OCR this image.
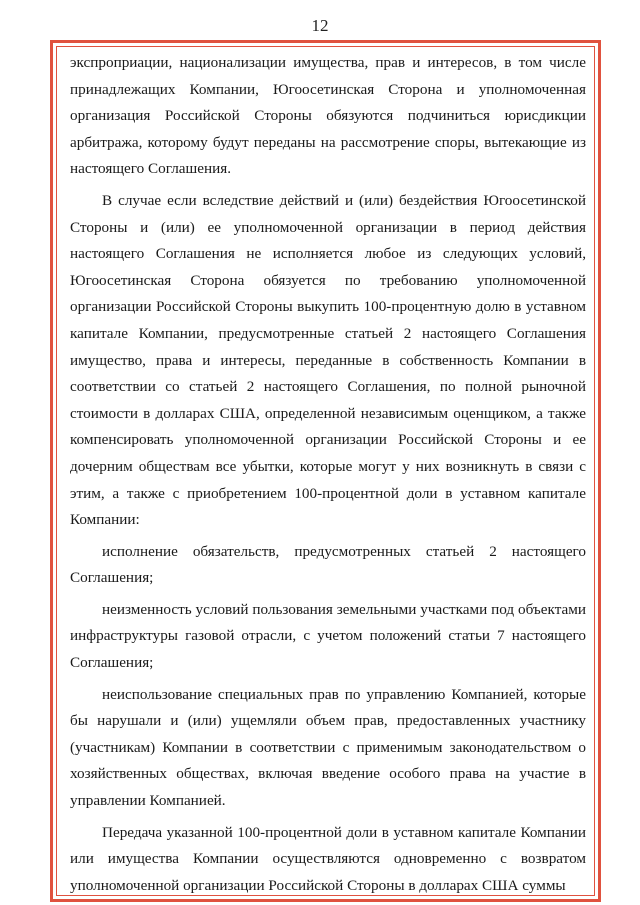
12

экспроприации, национализации имущества, прав и интересов, в том числе принадлежащих Компании, Югоосетинская Сторона и уполномоченная организация Российской Стороны обязуются подчиниться юрисдикции арбитража, которому будут переданы на рассмотрение споры, вытекающие из настоящего Соглашения.

В случае если вследствие действий и (или) бездействия Югоосетинской Стороны и (или) ее уполномоченной организации в период действия настоящего Соглашения не исполняется любое из следующих условий, Югоосетинская Сторона обязуется по требованию уполномоченной организации Российской Стороны выкупить 100-процентную долю в уставном капитале Компании, предусмотренные статьей 2 настоящего Соглашения имущество, права и интересы, переданные в собственность Компании в соответствии со статьей 2 настоящего Соглашения, по полной рыночной стоимости в долларах США, определенной независимым оценщиком, а также компенсировать уполномоченной организации Российской Стороны и ее дочерним обществам все убытки, которые могут у них возникнуть в связи с этим, а также с приобретением 100-процентной доли в уставном капитале Компании:

исполнение обязательств, предусмотренных статьей 2 настоящего Соглашения;

неизменность условий пользования земельными участками под объектами инфраструктуры газовой отрасли, с учетом положений статьи 7 настоящего Соглашения;

неиспользование специальных прав по управлению Компанией, которые бы нарушали и (или) ущемляли объем прав, предоставленных участнику (участникам) Компании в соответствии с применимым законодательством о хозяйственных обществах, включая введение особого права на участие в управлении Компанией.

Передача указанной 100-процентной доли в уставном капитале Компании или имущества Компании осуществляются одновременно с возвратом уполномоченной организации Российской Стороны в долларах США суммы
